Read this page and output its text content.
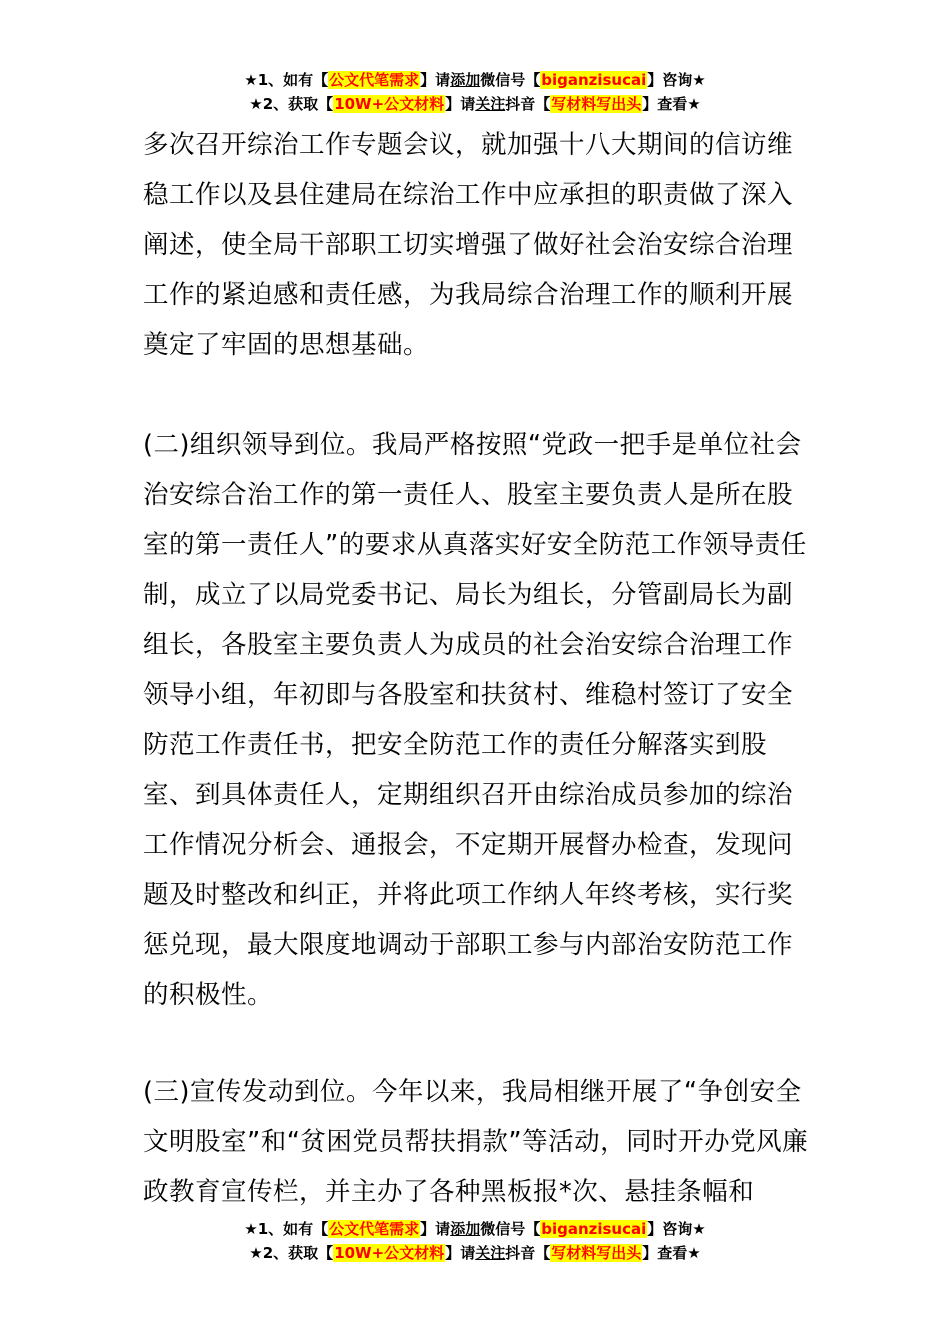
★1、如有【公文代笔需求】请添加微信号【biganzisucai】咨询★
★2、获取【10W+公文材料】请关注抖音【写材料写出头】查看★

多次召开综治工作专题会议，就加强十八大期间的信访维稳工作以及县住建局在综治工作中应承担的职责做了深入阐述，使全局干部职工切实增强了做好社会治安综合治理工作的紧迫感和责任感，为我局综合治理工作的顺利开展奠定了牢固的思想基础。

(二)组织领导到位。我局严格按照“党政一把手是单位社会治安综合治工作的第一责任人、股室主要负责人是所在股室的第一责任人”的要求从真落实好安全防范工作领导责任制，成立了以局党委书记、局长为组长，分管副局长为副组长，各股室主要负责人为成员的社会治安综合治理工作领导小组，年初即与各股室和扶贫村、维稳村签订了安全防范工作责任书，把安全防范工作的责任分解落实到股室、到具体责任人，定期组织召开由综治成员参加的综治工作情况分析会、通报会，不定期开展督办检查，发现问题及时整改和纠正，并将此项工作纳人年终考核，实行奖惩兑现，最大限度地调动于部职工参与内部治安防范工作的积极性。

(三)宣传发动到位。今年以来，我局相继开展了“争创安全文明股室”和“贫困党员帮扶捐款”等活动，同时开办党风廉政教育宣传栏，并主办了各种黑板报*次、悬挂条幅和

★1、如有【公文代笔需求】请添加微信号【biganzisucai】咨询★
★2、获取【10W+公文材料】请关注抖音【写材料写出头】查看★
